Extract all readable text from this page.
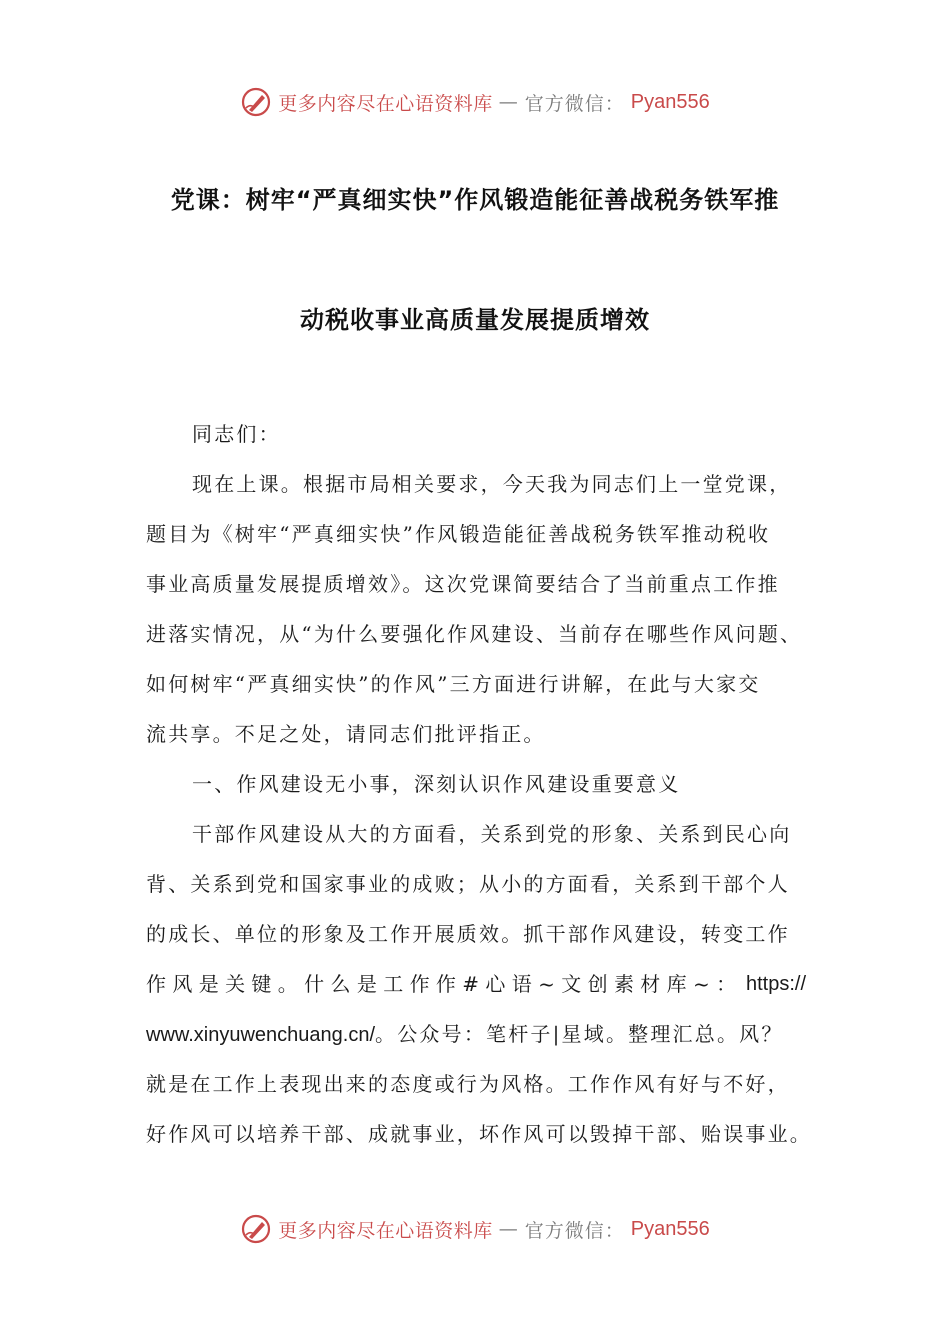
更多内容尽在心语资料库 — 官方微信： Pyan556
党课：树牢“严真细实快”作风锻造能征善战税务铁军推
动税收事业高质量发展提质增效
同志们：
现在上课。根据市局相关要求，今天我为同志们上一堂党课，
题目为《树牢“严真细实快”作风锻造能征善战税务铁军推动税收
事业高质量发展提质增效》。这次党课简要结合了当前重点工作推
进落实情况，从“为什么要强化作风建设、当前存在哪些作风问题、
如何树牢“严真细实快”的作风”三方面进行讲解，在此与大家交
流共享。不足之处，请同志们批评指正。
一、作风建设无小事，深刻认识作风建设重要意义
干部作风建设从大的方面看，关系到党的形象、关系到民心向
背、关系到党和国家事业的成败；从小的方面看，关系到干部个人
的成长、单位的形象及工作开展质效。抓干部作风建设，转变工作
作 风 是 关 键 。 什 么 是 工 作 作 # 心 语 ~ 文 创 素 材 库 ~ ： https://
www.xinyuwenchuang.cn/。公众号：笔杆子|星域。整理汇总。风？
就是在工作上表现出来的态度或行为风格。工作作风有好与不好，
好作风可以培养干部、成就事业，坏作风可以毁掉干部、贻误事业。
更多内容尽在心语资料库 — 官方微信： Pyan556
